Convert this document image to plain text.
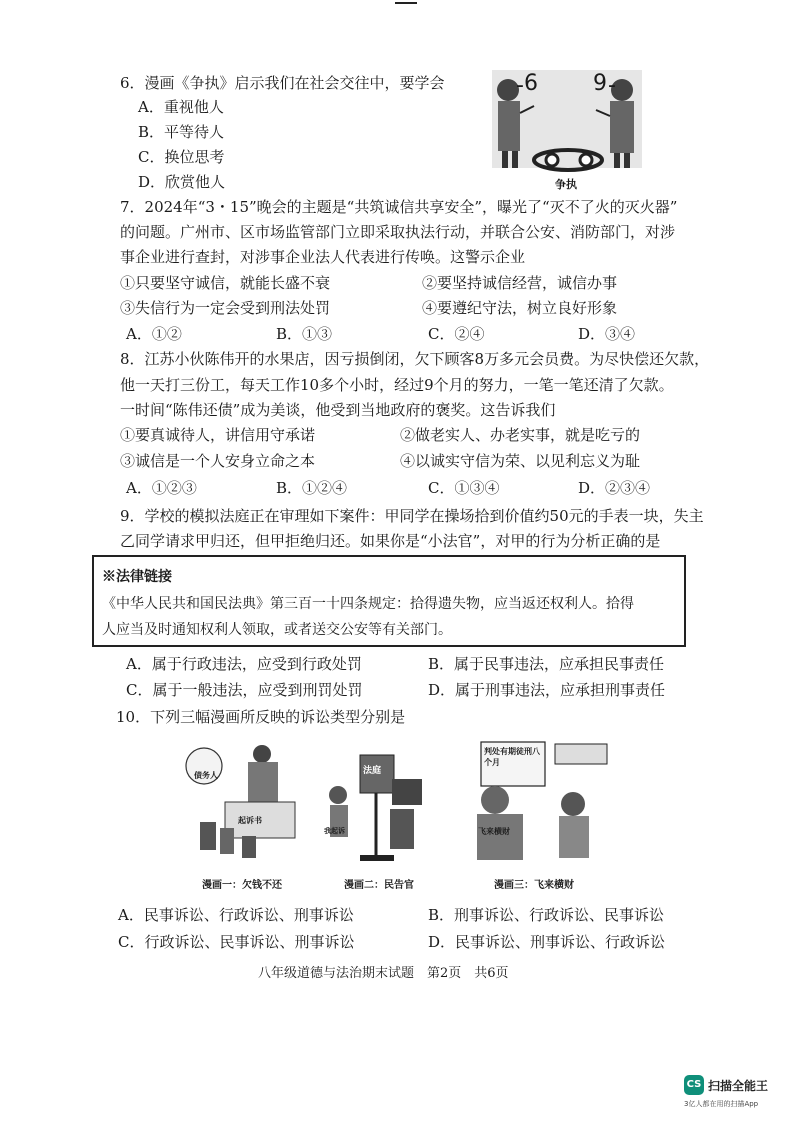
6．漫画《争执》启示我们在社会交往中，要学会
A．重视他人
B．平等待人
C．换位思考
D．欣赏他人
6
-	9 -
争执
7．2024年“3・15”晚会的主题是“共筑诚信共享安全”，曝光了“灭不了火的灭火器”
的问题。广州市、区市场监管部门立即采取执法行动，并联合公安、消防部门，对涉
事企业进行查封，对涉事企业法人代表进行传唤。这警示企业
①只要坚守诚信，就能长盛不衰	②要坚持诚信经营，诚信办事
③失信行为一定会受到刑法处罚	④要遵纪守法，树立良好形象
A．①②	B．①③	C．②④	D．③④
8．江苏小伙陈伟开的水果店，因亏损倒闭，欠下顾客8万多元会员费。为尽快偿还欠款，
他一天打三份工，每天工作10多个小时，经过9个月的努力，一笔一笔还清了欠款。
一时间“陈伟还债”成为美谈，他受到当地政府的褒奖。这告诉我们
①要真诚待人，讲信用守承诺	②做老实人、办老实事，就是吃亏的
③诚信是一个人安身立命之本	④以诚实守信为荣、以见利忘义为耻
A．①②③	B．①②④	C．①③④	D．②③④
9．学校的模拟法庭正在审理如下案件：甲同学在操场拾到价值约50元的手表一块，失主
乙同学请求甲归还，但甲拒绝归还。如果你是“小法官”，对甲的行为分析正确的是
※法律链接
《中华人民共和国民法典》第三百一十四条规定：拾得遗失物，应当返还权利人。拾得
人应当及时通知权利人领取，或者送交公安等有关部门。
A．属于行政违法，应受到行政处罚	B．属于民事违法，应承担民事责任
C．属于一般违法，应受到刑罚处罚	D．属于刑事违法，应承担刑事责任
10．下列三幅漫画所反映的诉讼类型分别是
债务人
起诉书
漫画一：欠钱不还
法庭
我起诉
漫画二：民告官
判处有期徒刑八个月
飞来横财
漫画三：飞来横财
A．民事诉讼、行政诉讼、刑事诉讼	B．刑事诉讼、行政诉讼、民事诉讼
C．行政诉讼、民事诉讼、刑事诉讼	D．民事诉讼、刑事诉讼、行政诉讼
八年级道德与法治期末试题　第2页　共6页
CS 扫描全能王
3亿人都在用的扫描App
